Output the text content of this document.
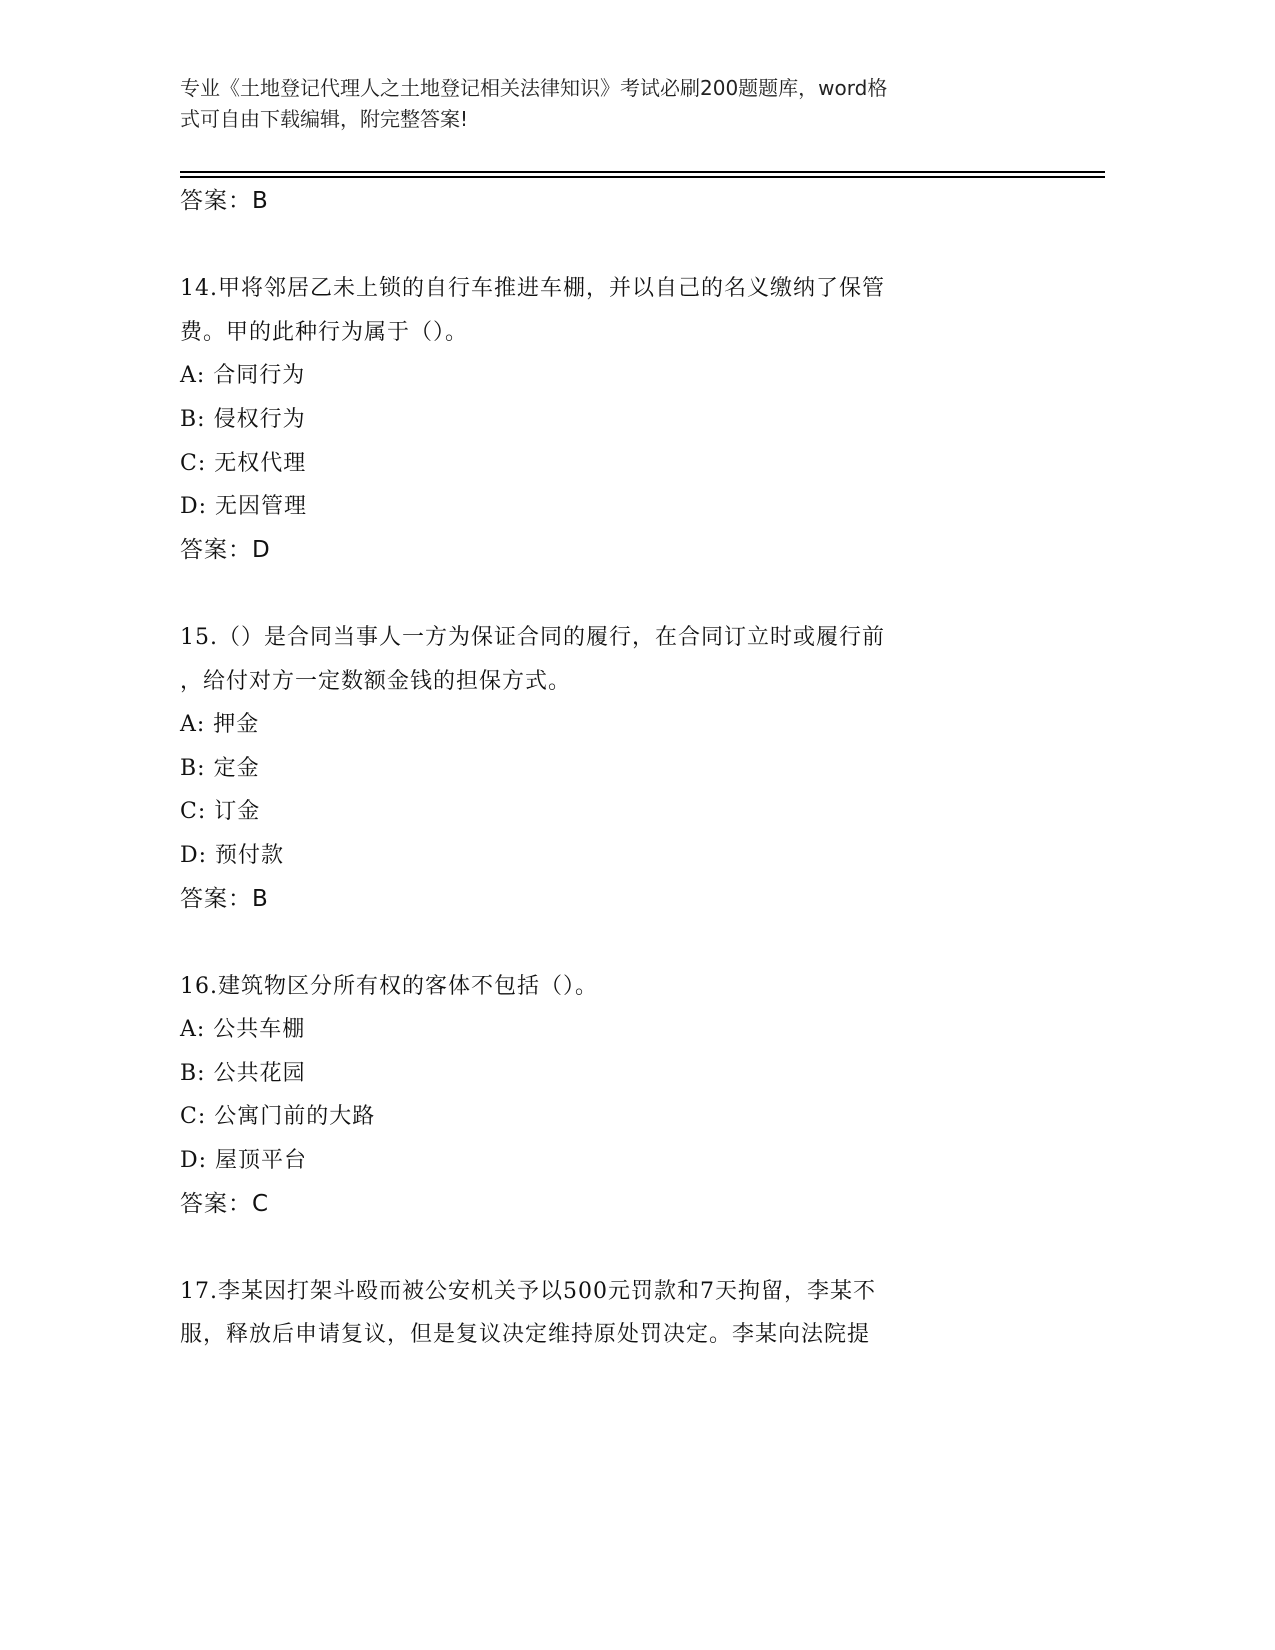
专业《土地登记代理人之土地登记相关法律知识》考试必刷200题题库，word格
式可自由下载编辑，附完整答案!
答案：B
14.甲将邻居乙未上锁的自行车推进车棚，并以自己的名义缴纳了保管
费。甲的此种行为属于（）。
A: 合同行为
B: 侵权行为
C: 无权代理
D: 无因管理
答案：D
15.（）是合同当事人一方为保证合同的履行，在合同订立时或履行前
，给付对方一定数额金钱的担保方式。
A: 押金
B: 定金
C: 订金
D: 预付款
答案：B
16.建筑物区分所有权的客体不包括（）。
A: 公共车棚
B: 公共花园
C: 公寓门前的大路
D: 屋顶平台
答案：C
17.李某因打架斗殴而被公安机关予以500元罚款和7天拘留，李某不
服，释放后申请复议，但是复议决定维持原处罚决定。李某向法院提
